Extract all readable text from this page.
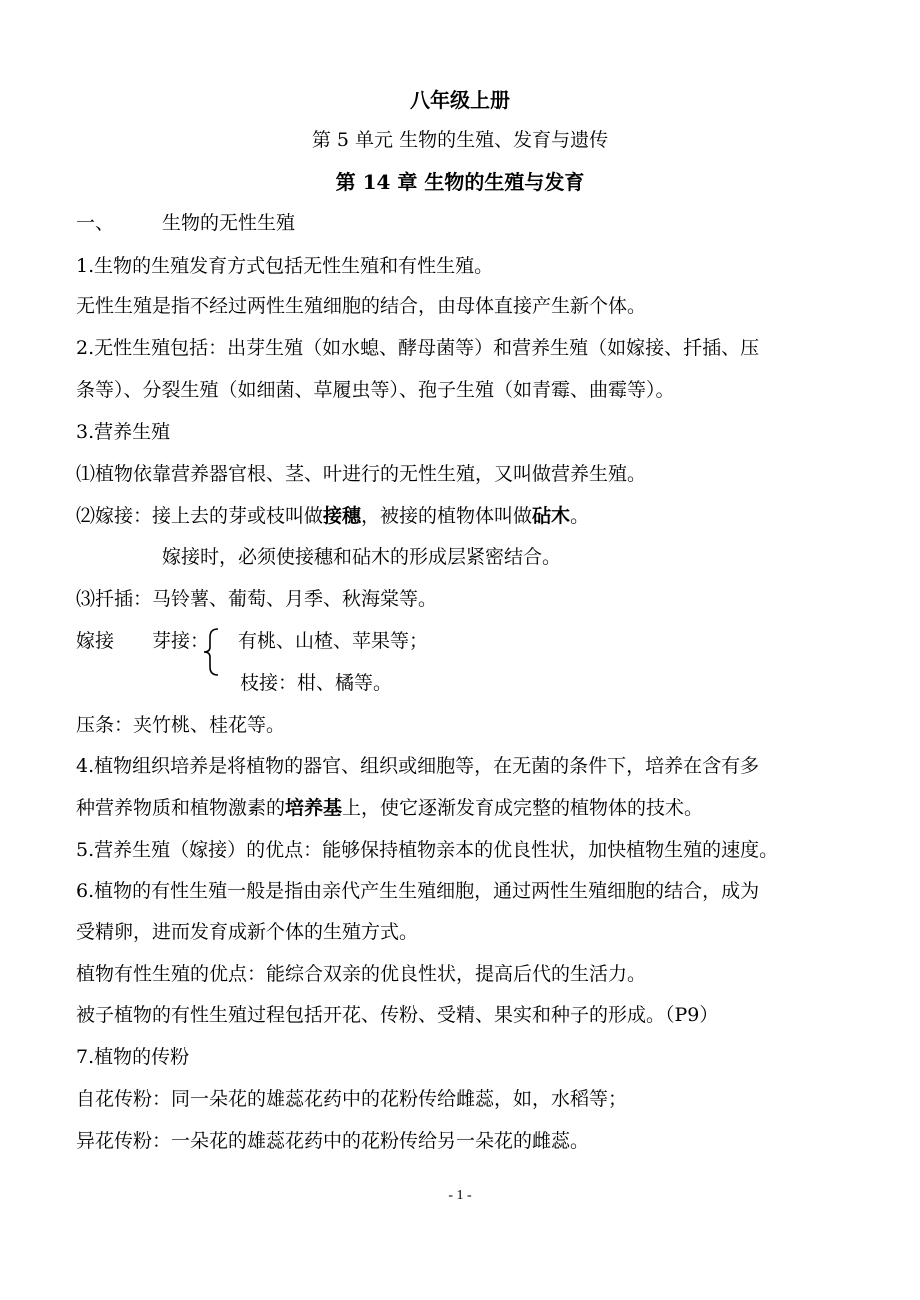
八年级上册
第 5 单元 生物的生殖、发育与遗传
第 14 章 生物的生殖与发育
一、	生物的无性生殖
1.生物的生殖发育方式包括无性生殖和有性生殖。
无性生殖是指不经过两性生殖细胞的结合，由母体直接产生新个体。
2.无性生殖包括：出芽生殖（如水螅、酵母菌等）和营养生殖（如嫁接、扦插、压
条等）、分裂生殖（如细菌、草履虫等）、孢子生殖（如青霉、曲霉等）。
3.营养生殖
⑴植物依靠营养器官根、茎、叶进行的无性生殖，又叫做营养生殖。
⑵嫁接：接上去的芽或枝叫做接穗，被接的植物体叫做砧木。
嫁接时，必须使接穗和砧木的形成层紧密结合。
⑶扦插：马铃薯、葡萄、月季、秋海棠等。
嫁接	芽接： 有桃、山楂、苹果等；
枝接：柑、橘等。
压条：夹竹桃、桂花等。
4.植物组织培养是将植物的器官、组织或细胞等，在无菌的条件下，培养在含有多
种营养物质和植物激素的培养基上，使它逐渐发育成完整的植物体的技术。
5.营养生殖（嫁接）的优点：能够保持植物亲本的优良性状，加快植物生殖的速度。
6.植物的有性生殖一般是指由亲代产生生殖细胞，通过两性生殖细胞的结合，成为
受精卵，进而发育成新个体的生殖方式。
植物有性生殖的优点：能综合双亲的优良性状，提高后代的生活力。
被子植物的有性生殖过程包括开花、传粉、受精、果实和种子的形成。（P9）
7.植物的传粉
自花传粉：同一朵花的雄蕊花药中的花粉传给雌蕊，如，水稻等；
异花传粉：一朵花的雄蕊花药中的花粉传给另一朵花的雌蕊。
- 1 -
